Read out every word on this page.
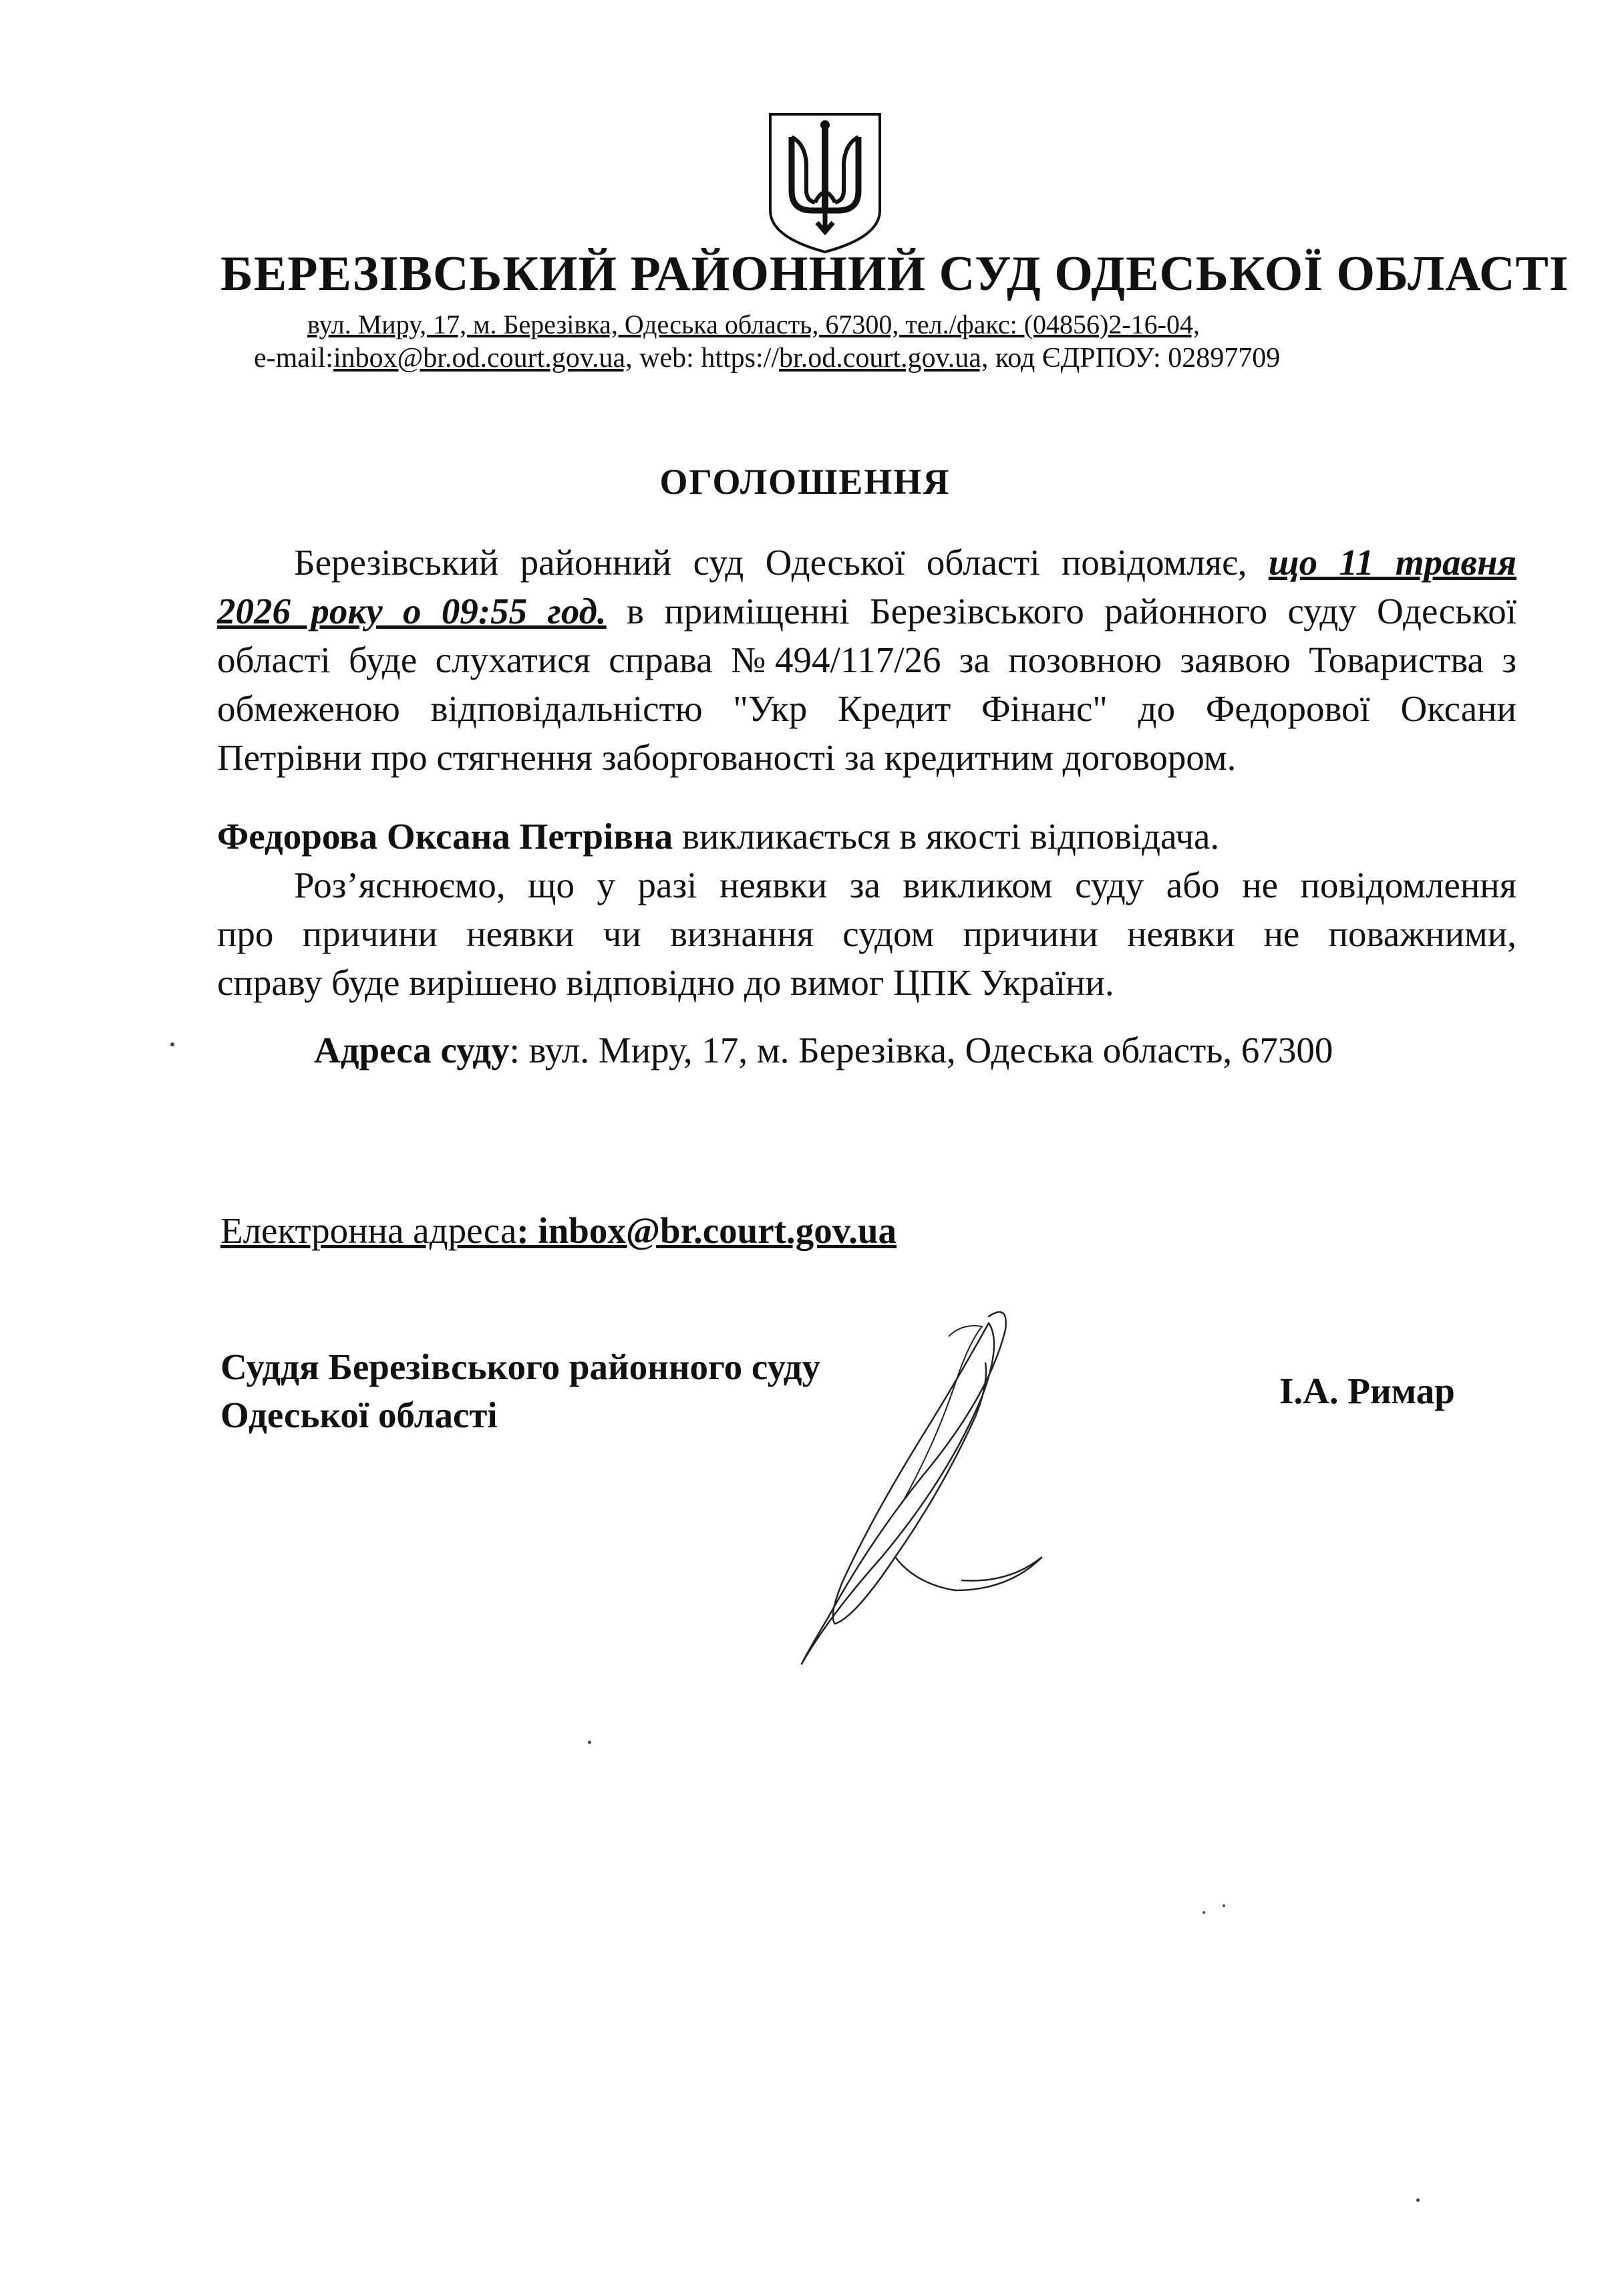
БЕРЕЗІВСЬКИЙ РАЙОННИЙ СУД ОДЕСЬКОЇ ОБЛАСТІ
вул. Миру, 17, м. Березівка, Одеська область, 67300, тел./факс: (04856)2-16-04,
e-mail:inbox@br.od.court.gov.ua, web: https://br.od.court.gov.ua, код ЄДРПОУ: 02897709
ОГОЛОШЕННЯ
Березівський районний суд Одеської області повідомляє, що 11 травня
2026 року о 09:55 год. в приміщенні Березівського районного суду Одеської
області буде слухатися справа №494/117/26 за позовною заявою Товариства з
обмеженою відповідальністю "Укр Кредит Фінанс" до Федорової Оксани
Петрівни про стягнення заборгованості за кредитним договором.
Федорова Оксана Петрівна викликається в якості відповідача.
Роз’яснюємо, що у разі неявки за викликом суду або не повідомлення
про причини неявки чи визнання судом причини неявки не поважними,
справу буде вирішено відповідно до вимог ЦПК України.
Адреса суду: вул. Миру, 17, м. Березівка, Одеська область, 67300
Електронна адреса: inbox@br.court.gov.ua
Суддя Березівського районного суду
Одеської області
І.А. Римар
